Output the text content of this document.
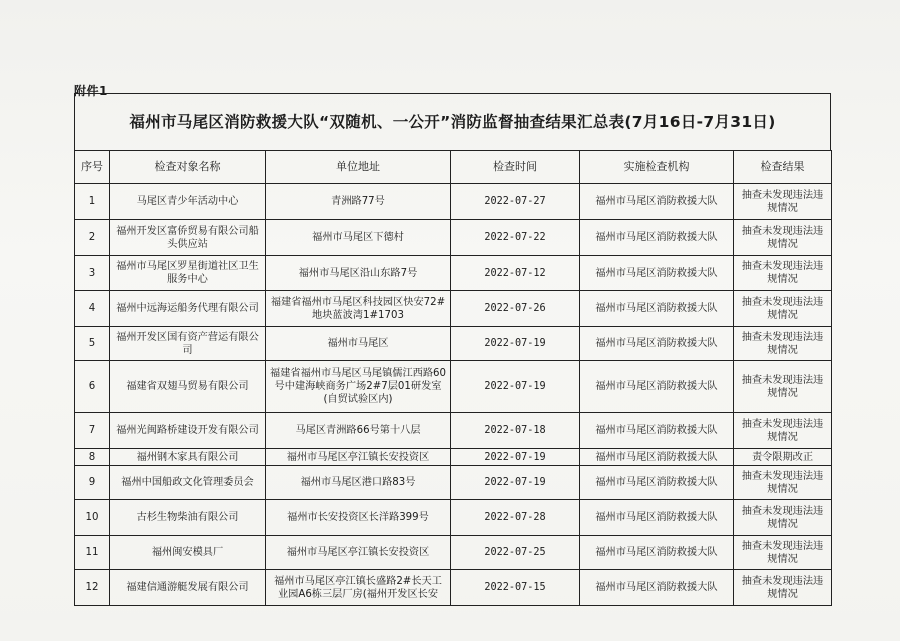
附件1
福州市马尾区消防救援大队“双随机、一公开”消防监督抽查结果汇总表(7月16日-7月31日)
序号	检查对象名称	单位地址	检查时间	实施检查机构	检查结果
1	马尾区青少年活动中心	青洲路77号	2022-07-27	福州市马尾区消防救援大队	抽查未发现违法违规情况
2	福州开发区富侨贸易有限公司船头供应站	福州市马尾区下德村	2022-07-22	福州市马尾区消防救援大队	抽查未发现违法违规情况
3	福州市马尾区罗星街道社区卫生服务中心	福州市马尾区沿山东路7号	2022-07-12	福州市马尾区消防救援大队	抽查未发现违法违规情况
4	福州中远海运船务代理有限公司	福建省福州市马尾区科技园区快安72#地块蓝波湾1#1703	2022-07-26	福州市马尾区消防救援大队	抽查未发现违法违规情况
5	福州开发区国有资产营运有限公司	福州市马尾区	2022-07-19	福州市马尾区消防救援大队	抽查未发现违法违规情况
6	福建省双翅马贸易有限公司	福建省福州市马尾区马尾镇儒江西路60号中建海峡商务广场2#7层01研发室(自贸试验区内)	2022-07-19	福州市马尾区消防救援大队	抽查未发现违法违规情况
7	福州光闽路桥建设开发有限公司	马尾区青洲路66号第十八层	2022-07-18	福州市马尾区消防救援大队	抽查未发现违法违规情况
8	福州钢木家具有限公司	福州市马尾区亭江镇长安投资区	2022-07-19	福州市马尾区消防救援大队	责令限期改正
9	福州中国船政文化管理委员会	福州市马尾区港口路83号	2022-07-19	福州市马尾区消防救援大队	抽查未发现违法违规情况
10	古杉生物柴油有限公司	福州市长安投资区长洋路399号	2022-07-28	福州市马尾区消防救援大队	抽查未发现违法违规情况
11	福州闽安模具厂	福州市马尾区亭江镇长安投资区	2022-07-25	福州市马尾区消防救援大队	抽查未发现违法违规情况
12	福建信通游艇发展有限公司	福州市马尾区亭江镇长盛路2#长天工业园A6栋三层厂房(福州开发区长安	2022-07-15	福州市马尾区消防救援大队	抽查未发现违法违规情况
